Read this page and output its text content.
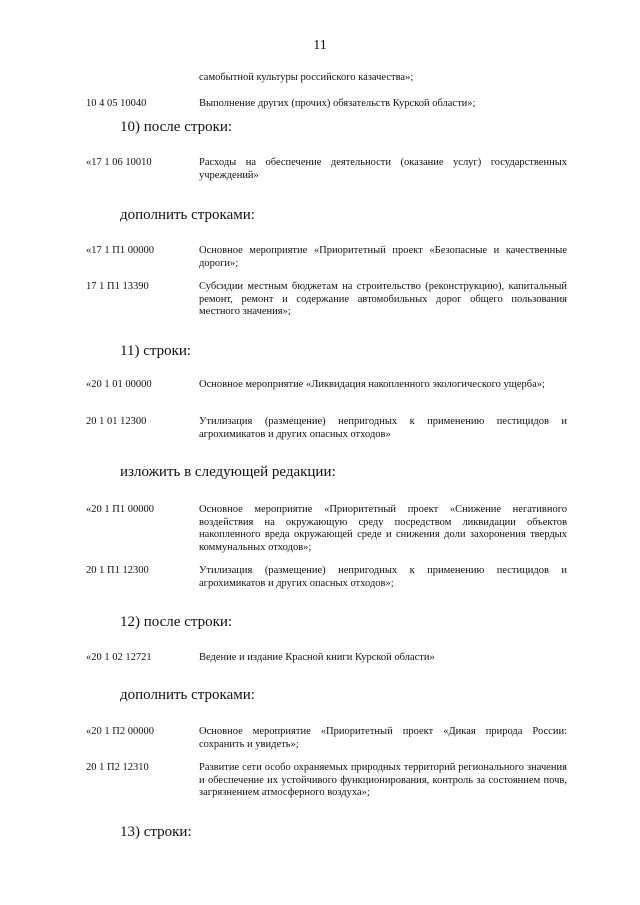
11
самобытной культуры российского казачества»;
10 4 05 10040	Выполнение других (прочих) обязательств Курской области»;
10) после строки:
«17 1 06 10010	Расходы на обеспечение деятельности (оказание услуг) государственных учреждений»
дополнить строками:
«17 1 П1 00000	Основное мероприятие «Приоритетный проект «Безопасные и качественные дороги»;
17 1 П1 13390	Субсидии местным бюджетам на строительство (реконструкцию), капитальный ремонт, ремонт и содержание автомобильных дорог общего пользования местного значения»;
11) строки:
«20 1 01 00000	Основное мероприятие «Ликвидация накопленного экологического ущерба»;
20 1 01 12300	Утилизация (размещение) непригодных к применению пестицидов и агрохимикатов и других опасных отходов»
изложить в следующей редакции:
«20 1 П1 00000	Основное мероприятие «Приоритетный проект «Снижение негативного воздействия на окружающую среду посредством ликвидации объектов накопленного вреда окружающей среде и снижения доли захоронения твердых коммунальных отходов»;
20 1 П1 12300	Утилизация (размещение) непригодных к применению пестицидов и агрохимикатов и других опасных отходов»;
12) после строки:
«20 1 02 12721	Ведение и издание Красной книги Курской области»
дополнить строками:
«20 1 П2 00000	Основное мероприятие «Приоритетный проект «Дикая природа России: сохранить и увидеть»;
20 1 П2 12310	Развитие сети особо охраняемых природных территорий регионального значения и обеспечение их устойчивого функционирования, контроль за состоянием почв, загрязнением атмосферного воздуха»;
13) строки:
